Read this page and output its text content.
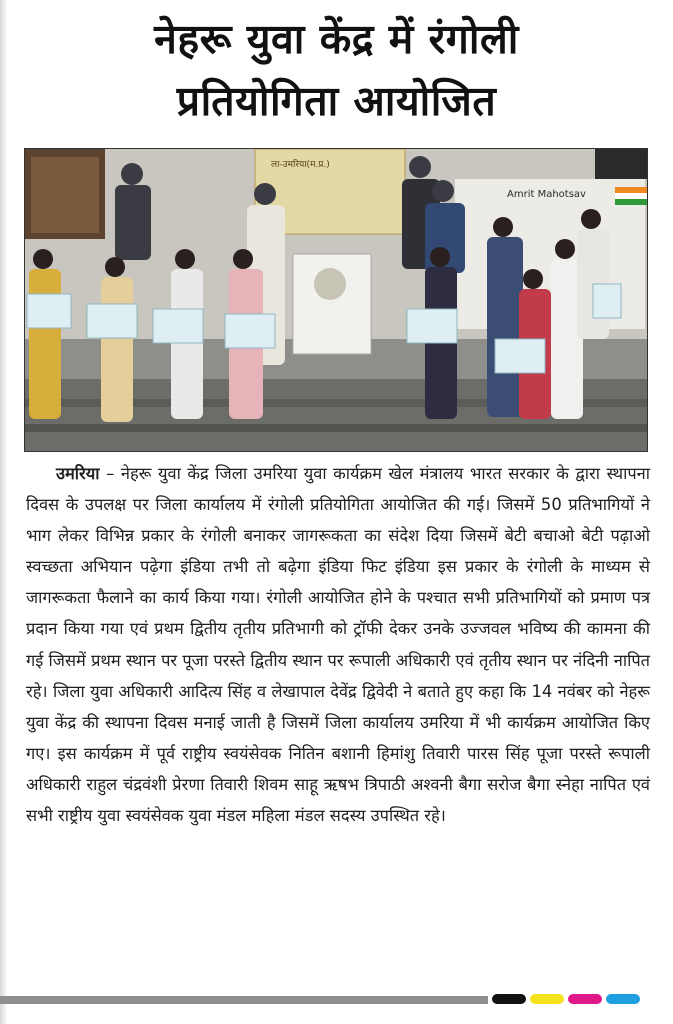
नेहरू युवा केंद्र में रंगोली
प्रतियोगिता आयोजित
Amrit Mahotsav
ला-उमरिया(म.प्र.)
उमरिया – नेहरू युवा केंद्र जिला उमरिया युवा कार्यक्रम खेल मंत्रालय भारत सरकार के द्वारा स्थापना दिवस के उपलक्ष पर जिला कार्यालय में रंगोली प्रतियोगिता आयोजित की गई। जिसमें 50 प्रतिभागियों ने भाग लेकर विभिन्न प्रकार के रंगोली बनाकर जागरूकता का संदेश दिया जिसमें बेटी बचाओ बेटी पढ़ाओ स्वच्छता अभियान पढ़ेगा इंडिया तभी तो बढ़ेगा इंडिया फिट इंडिया इस प्रकार के रंगोली के माध्यम से जागरूकता फैलाने का कार्य किया गया। रंगोली आयोजित होने के पश्चात सभी प्रतिभागियों को प्रमाण पत्र प्रदान किया गया एवं प्रथम द्वितीय तृतीय प्रतिभागी को ट्रॉफी देकर उनके उज्जवल भविष्य की कामना की गई जिसमें प्रथम स्थान पर पूजा परस्ते द्वितीय स्थान पर रूपाली अधिकारी एवं तृतीय स्थान पर नंदिनी नापित रहे। जिला युवा अधिकारी आदित्य सिंह व लेखापाल देवेंद्र द्विवेदी ने बताते हुए कहा कि 14 नवंबर को नेहरू युवा केंद्र की स्थापना दिवस मनाई जाती है जिसमें जिला कार्यालय उमरिया में भी कार्यक्रम आयोजित किए गए। इस कार्यक्रम में पूर्व राष्ट्रीय स्वयंसेवक नितिन बशानी हिमांशु तिवारी पारस सिंह पूजा परस्ते रूपाली अधिकारी राहुल चंद्रवंशी प्रेरणा तिवारी शिवम साहू ऋषभ त्रिपाठी अश्वनी बैगा सरोज बैगा स्नेहा नापित एवं सभी राष्ट्रीय युवा स्वयंसेवक युवा मंडल महिला मंडल सदस्य उपस्थित रहे।
